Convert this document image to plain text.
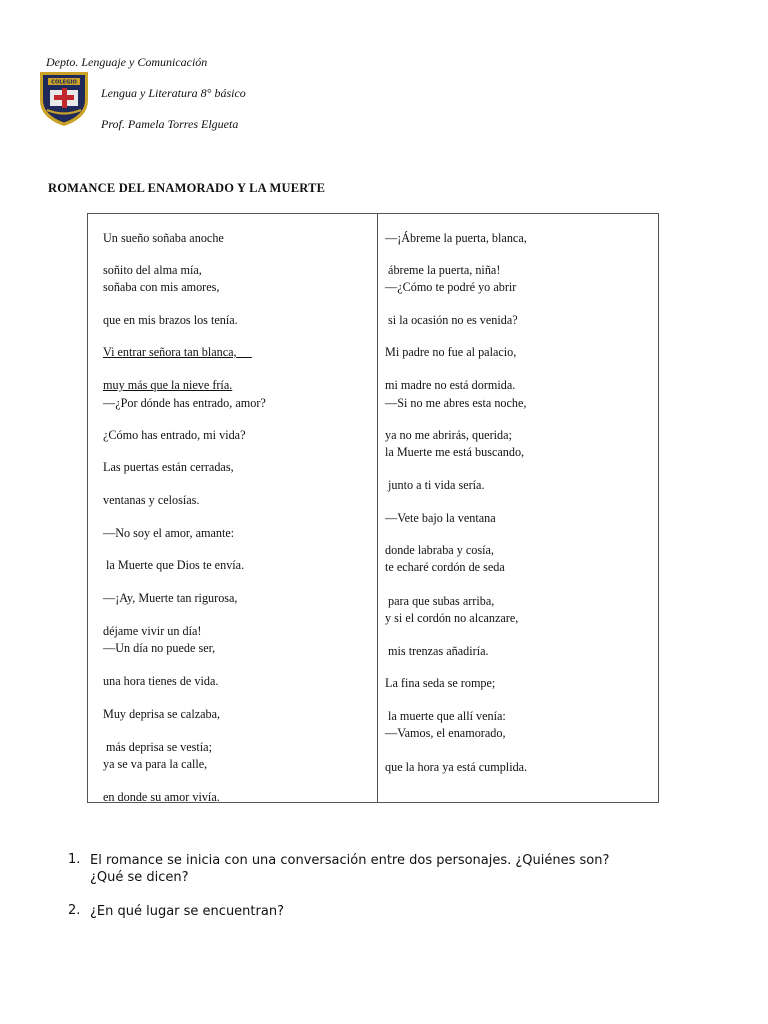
Depto. Lenguaje y Comunicación
Lengua y Literatura 8° básico
Prof. Pamela Torres Elgueta
COLEGIO
ROMANCE DEL ENAMORADO Y LA MUERTE
Un sueño soñaba anoche
soñito del alma mía,
soñaba con mis amores,
que en mis brazos los tenía.
Vi entrar señora tan blanca,
muy más que la nieve fría.
—¿Por dónde has entrado, amor?
¿Cómo has entrado, mi vida?
Las puertas están cerradas,
ventanas y celosías.
—No soy el amor, amante:
la Muerte que Dios te envía.
—¡Ay, Muerte tan rigurosa,
déjame vivir un día!
—Un día no puede ser,
una hora tienes de vida.
Muy deprisa se calzaba,
más deprisa se vestía;
ya se va para la calle,
en donde su amor vivía.
—¡Ábreme la puerta, blanca,
ábreme la puerta, niña!
—¿Cómo te podré yo abrir
si la ocasión no es venida?
Mi padre no fue al palacio,
mi madre no está dormida.
—Si no me abres esta noche,
ya no me abrirás, querida;
la Muerte me está buscando,
junto a ti vida sería.
—Vete bajo la ventana
donde labraba y cosía,
te echaré cordón de seda
para que subas arriba,
y si el cordón no alcanzare,
mis trenzas añadiría.
La fina seda se rompe;
la muerte que allí venía:
—Vamos, el enamorado,
que la hora ya está cumplida.
1. El romance se inicia con una conversación entre dos personajes. ¿Quiénes son?
¿Qué se dicen?
2. ¿En qué lugar se encuentran?
